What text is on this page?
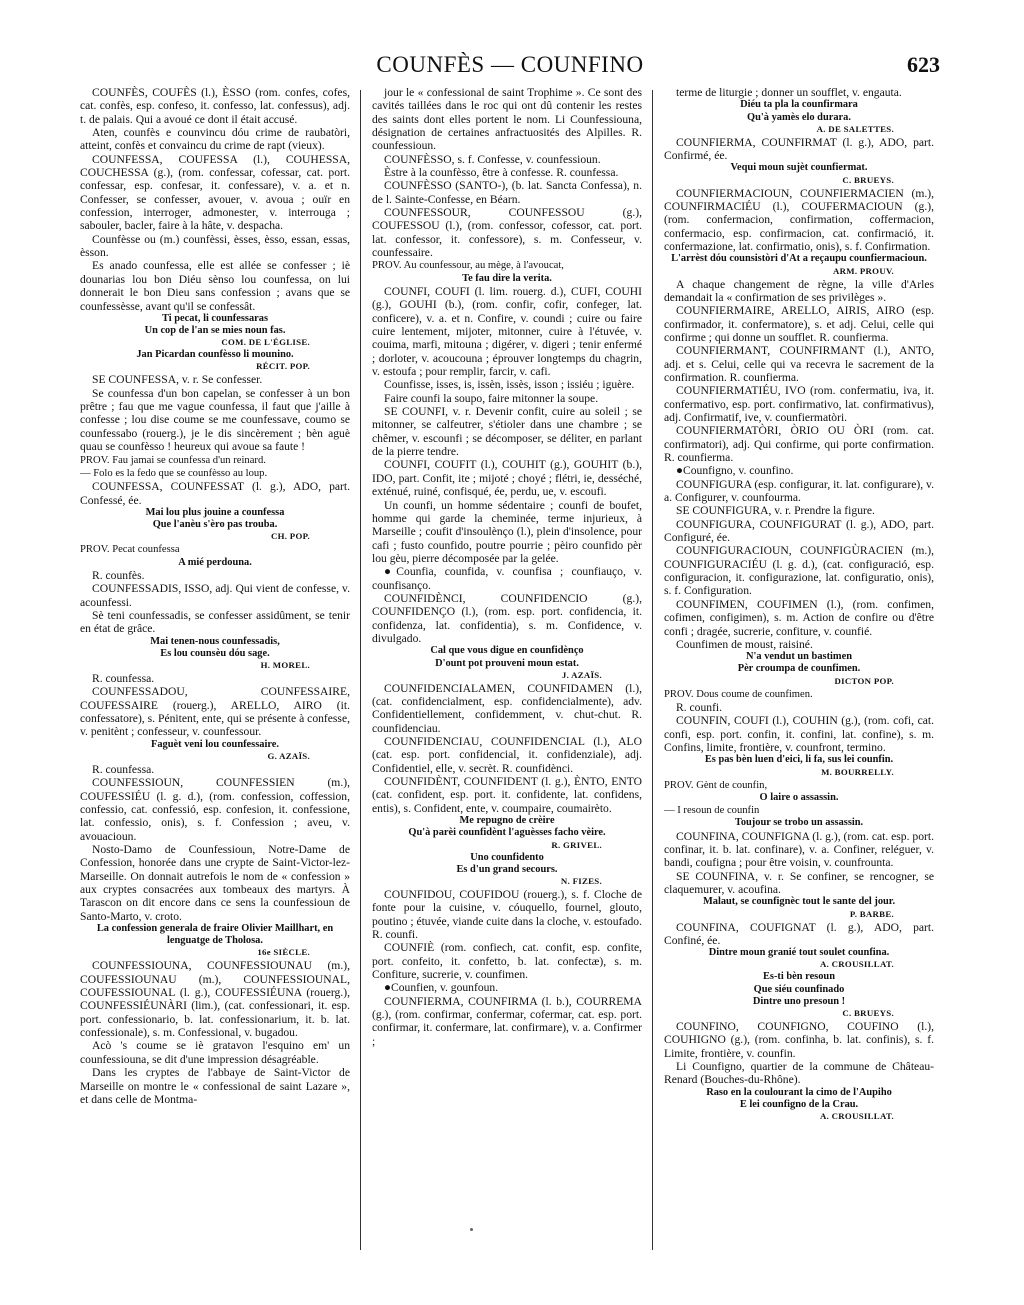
COUNFÈS — COUNFINO	623

COUNFÈS, COUFÈS (l.), ÈSSO (rom. confes, cofes, cat. confès, esp. confeso, it. confesso, lat. confessus), adj. t. de palais. Qui a avoué ce dont il était accusé.

Aten, counfès e counvincu dóu crime de raubatòri, atteint, confès et convaincu du crime de rapt (vieux).

COUNFESSA, COUFESSA (l.), COUHESSA, COUCHESSA (g.), (rom. confessar, cofessar, cat. port. confessar, esp. confesar, it. confessare), v. a. et n. Confesser, se confesser, avouer, v. avoua ; ouïr en confession, interroger, admonester, v. interrouga ; sabouler, bacler, faire à la hâte, v. despacha.

Counfèsse ou (m.) counfèssi, èsses, èsso, essan, essas, èsson.

Es anado counfessa, elle est allée se confesser ; iè dounarias lou bon Diéu sènso lou counfessa, on lui donnerait le bon Dieu sans confession ; avans que se counfessèsse, avant qu'il se confessât.

Ti pecat, li counfessaras
Un cop de l'an se mies noun fas.
COM. DE L'ÉGLISE.
Jan Picardan counfèsso li mounino.
RÉCIT. POP.

SE COUNFESSA, v. r. Se confesser.

Se counfessa d'un bon capelan, se confesser à un bon prêtre ; fau que me vague counfessa, il faut que j'aille à confesse ; lou dise coume se me counfessave, coumo se counfessabo (rouerg.), je le dis sincèrement ; bèn aguè quau se counfèsso ! heureux qui avoue sa faute !

PROV. Fau jamai se counfessa d'un reinard.
— Folo es la fedo que se counfèsso au loup.

COUNFESSA, COUNFESSAT (l. g.), ADO, part. Confessé, ée.

Mai lou plus jouine a counfessa
Que l'anèu s'èro pas trouba.
CH. POP.
PROV. Pecat counfessa
A mié perdouna.

R. counfès.

COUNFESSADIS, ISSO, adj. Qui vient de confesse, v. acounfessi.

Sè teni counfessadis, se confesser assidûment, se tenir en état de grâce.

Mai tenen-nous counfessadis,
Es lou counsèu dóu sage.
H. MOREL.

R. counfessa.

COUNFESSADOU, COUNFESSAIRE, COUFESSAIRE (rouerg.), ARELLO, AIRO (it. confessatore), s. Pénitent, ente, qui se présente à confesse, v. penitènt ; confesseur, v. counfessour.

Faguèt veni lou counfessaire.
G. AZAÏS.

R. counfessa.

COUNFESSIOUN, COUNFESSIEN (m.), COUFESSIÉU (l. g. d.), (rom. confession, coffession, confessio, cat. confessió, esp. confesion, it. confessione, lat. confessio, onis), s. f. Confession ; aveu, v. avouacioun.

Nosto-Damo de Counfessioun, Notre-Dame de Confession, honorée dans une crypte de Saint-Victor-lez-Marseille. On donnait autrefois le nom de « confession » aux cryptes consacrées aux tombeaux des martyrs. À Tarascon on dit encore dans ce sens la counfessioun de Santo-Marto, v. croto.

La confession generala de fraire Olivier Maillhart, en lenguatge de Tholosa.
16e SIÈCLE.

COUNFESSIOUNA, COUNFESSIOUNAU (m.), COUFESSIOUNAU (m.), COUNFESSIOUNAL, COUFESSIOUNAL (l. g.), COUFESSIÉUNA (rouerg.), COUNFESSIÉUNÀRI (lim.), (cat. confessionari, it. esp. port. confessionario, b. lat. confessionarium, it. b. lat. confessionale), s. m. Confessional, v. bugadou.

Acò 's coume se iè gratavon l'esquino em' un counfessiouna, se dit d'une impression désagréable.

Dans les cryptes de l'abbaye de Saint-Victor de Marseille on montre le « confessional de saint Lazare », et dans celle de Montma-

jour le « confessional de saint Trophime ». Ce sont des cavités taillées dans le roc qui ont dû contenir les restes des saints dont elles portent le nom. Li Counfessiouna, désignation de certaines anfractuosités des Alpilles. R. counfessioun.

COUNFÈSSO, s. f. Confesse, v. counfessioun.

Èstre à la counfèsso, être à confesse. R. counfessa.

COUNFÈSSO (SANTO-), (b. lat. Sancta Confessa), n. de l. Sainte-Confesse, en Béarn.

COUNFESSOUR, COUNFESSOU (g.), COUFESSOU (l.), (rom. confessor, cofessor, cat. port. lat. confessor, it. confessore), s. m. Confesseur, v. counfessaire.

PROV. Au counfessour, au mège, à l'avoucat,
Te fau dire la verita.

COUNFI, COUFI (l. lim. rouerg. d.), CUFI, COUHI (g.), GOUHI (b.), (rom. confir, cofir, confeger, lat. conficere), v. a. et n. Confire, v. coundi ; cuire ou faire cuire lentement, mijoter, mitonner, cuire à l'étuvée, v. couima, marfi, mitouna ; digérer, v. digeri ; tenir enfermé ; dorloter, v. acoucouna ; éprouver longtemps du chagrin, v. estoufa ; pour remplir, farcir, v. cafi.

Counfisse, isses, is, issèn, issès, isson ; issiéu ; iguère.

Faire counfi la soupo, faire mitonner la soupe.

SE COUNFI, v. r. Devenir confit, cuire au soleil ; se mitonner, se calfeutrer, s'étioler dans une chambre ; se chêmer, v. escounfi ; se décomposer, se déliter, en parlant de la pierre tendre.

COUNFI, COUFIT (l.), COUHIT (g.), GOUHIT (b.), IDO, part. Confit, ite ; mijoté ; choyé ; flétri, ie, desséché, exténué, ruiné, confisqué, ée, perdu, ue, v. escoufi.

Un counfi, un homme sédentaire ; counfi de boufet, homme qui garde la cheminée, terme injurieux, à Marseille ; coufit d'insoulènço (l.), plein d'insolence, pour cafi ; fusto counfido, poutre pourrie ; pèiro counfido pèr lou gèu, pierre décomposée par la gelée.

●Counfia, counfida, v. counfisa ; counfiauço, v. counfisanço.

COUNFIDÈNCI, COUNFIDENCIO (g.), COUNFIDENÇO (l.), (rom. esp. port. confidencia, it. confidenza, lat. confidentia), s. m. Confidence, v. divulgado.

Cal que vous digue en counfidènço
D'ount pot prouveni moun estat.
J. AZAÏS.

COUNFIDENCIALAMEN, COUNFIDAMEN (l.), (cat. confidencialment, esp. confidencialmente), adv. Confidentiellement, confidemment, v. chut-chut. R. counfidenciau.

COUNFIDENCIAU, COUNFIDENCIAL (l.), ALO (cat. esp. port. confidencial, it. confidenziale), adj. Confidentiel, elle, v. secrèt. R. counfidènci.

COUNFIDÈNT, COUNFIDENT (l. g.), ÈNTO, ENTO (cat. confident, esp. port. it. confidente, lat. confidens, entis), s. Confident, ente, v. coumpaire, coumairèto.

Me repugno de crèire
Qu'à parèi counfidènt l'aguèsses facho vèire.
R. GRIVEL.
Uno counfidento
Es d'un grand secours.
N. FIZES.

COUNFIDOU, COUFIDOU (rouerg.), s. f. Cloche de fonte pour la cuisine, v. cóuquello, fournel, glouto, poutino ; étuvée, viande cuite dans la cloche, v. estoufado. R. counfi.

COUNFIÈ (rom. confiech, cat. confit, esp. confite, port. confeito, it. confetto, b. lat. confectæ), s. m. Confiture, sucrerie, v. counfimen.

●Counfien, v. gounfoun.

COUNFIERMA, COUNFIRMA (l. b.), COURREMA (g.), (rom. confirmar, confermar, cofermar, cat. esp. port. confirmar, it. confermare, lat. confirmare), v. a. Confirmer ;

terme de liturgie ; donner un soufflet, v. engauta.

Diéu ta pla la counfirmara
Qu'à yamès elo durara.
A. DE SALETTES.

COUNFIERMA, COUNFIRMAT (l. g.), ADO, part. Confirmé, ée.

Vequi moun sujèt counfiermat.
C. BRUEYS.

COUNFIERMACIOUN, COUNFIERMACIEN (m.), COUNFIRMACIÉU (l.), COUFERMACIOUN (g.), (rom. confermacion, confirmation, coffermacion, confermacio, esp. confirmacion, cat. confirmació, it. confermazione, lat. confirmatio, onis), s. f. Confirmation.

L'arrèst dóu counsistòri d'At a reçaupu counfiermacioun.
ARM. PROUV.

A chaque changement de règne, la ville d'Arles demandait la « confirmation de ses privilèges ».

COUNFIERMAIRE, ARELLO, AIRIS, AIRO (esp. confirmador, it. confermatore), s. et adj. Celui, celle qui confirme ; qui donne un soufflet. R. counfierma.

COUNFIERMANT, COUNFIRMANT (l.), ANTO, adj. et s. Celui, celle qui va recevra le sacrement de la confirmation. R. counfierma.

COUNFIERMATIÉU, IVO (rom. confermatiu, iva, it. confermativo, esp. port. confirmativo, lat. confirmativus), adj. Confirmatif, ive, v. counfiermatòri.

COUNFIERMATÒRI, ÒRIO OU ÒRI (rom. cat. confirmatori), adj. Qui confirme, qui porte confirmation. R. counfierma.

●Counfigno, v. counfino.

COUNFIGURA (esp. configurar, it. lat. configurare), v. a. Configurer, v. counfourma.

SE COUNFIGURA, v. r. Prendre la figure.

COUNFIGURA, COUNFIGURAT (l. g.), ADO, part. Configuré, ée.

COUNFIGURACIOUN, COUNFIGÙRACIEN (m.), COUNFIGURACIÉU (l. g. d.), (cat. configuració, esp. configuracion, it. configurazione, lat. configuratio, onis), s. f. Configuration.

COUNFIMEN, COUFIMEN (l.), (rom. confimen, cofimen, configimen), s. m. Action de confire ou d'être confi ; dragée, sucrerie, confiture, v. counfié.

Counfimen de moust, raisiné.

N'a vendut un bastimen
Pèr croumpa de counfimen.
DICTON POP.
PROV. Dous coume de counfimen.

R. counfi.

COUNFIN, COUFI (l.), COUHIN (g.), (rom. cofi, cat. confi, esp. port. confin, it. confini, lat. confine), s. m. Confins, limite, frontière, v. counfront, termino.

Es pas bèn luen d'eici, li fa, sus lei counfin.
M. BOURRELLY.
PROV. Gènt de counfin,
O laire o assassin.
— I resoun de counfin
Toujour se trobo un assassin.

COUNFINA, COUNFIGNA (l. g.), (rom. cat. esp. port. confinar, it. b. lat. confinare), v. a. Confiner, reléguer, v. bandi, coufigna ; pour être voisin, v. counfrounta.

SE COUNFINA, v. r. Se confiner, se rencogner, se claquemurer, v. acoufina.

Malaut, se counfignèc tout le sante del jour.
P. BARBE.

COUNFINA, COUFIGNAT (l. g.), ADO, part. Confiné, ée.

Dintre moun granié tout soulet counfina.
A. CROUSILLAT.
Es-ti bèn resoun
Que siéu counfinado
Dintre uno presoun !
C. BRUEYS.

COUNFINO, COUNFIGNO, COUFINO (l.), COUHIGNO (g.), (rom. confinha, b. lat. confinis), s. f. Limite, frontière, v. counfin.

Li Counfigno, quartier de la commune de Château-Renard (Bouches-du-Rhône).

Raso en la coulourant la cimo de l'Aupiho
E lei counfigno de la Crau.
A. CROUSILLAT.
